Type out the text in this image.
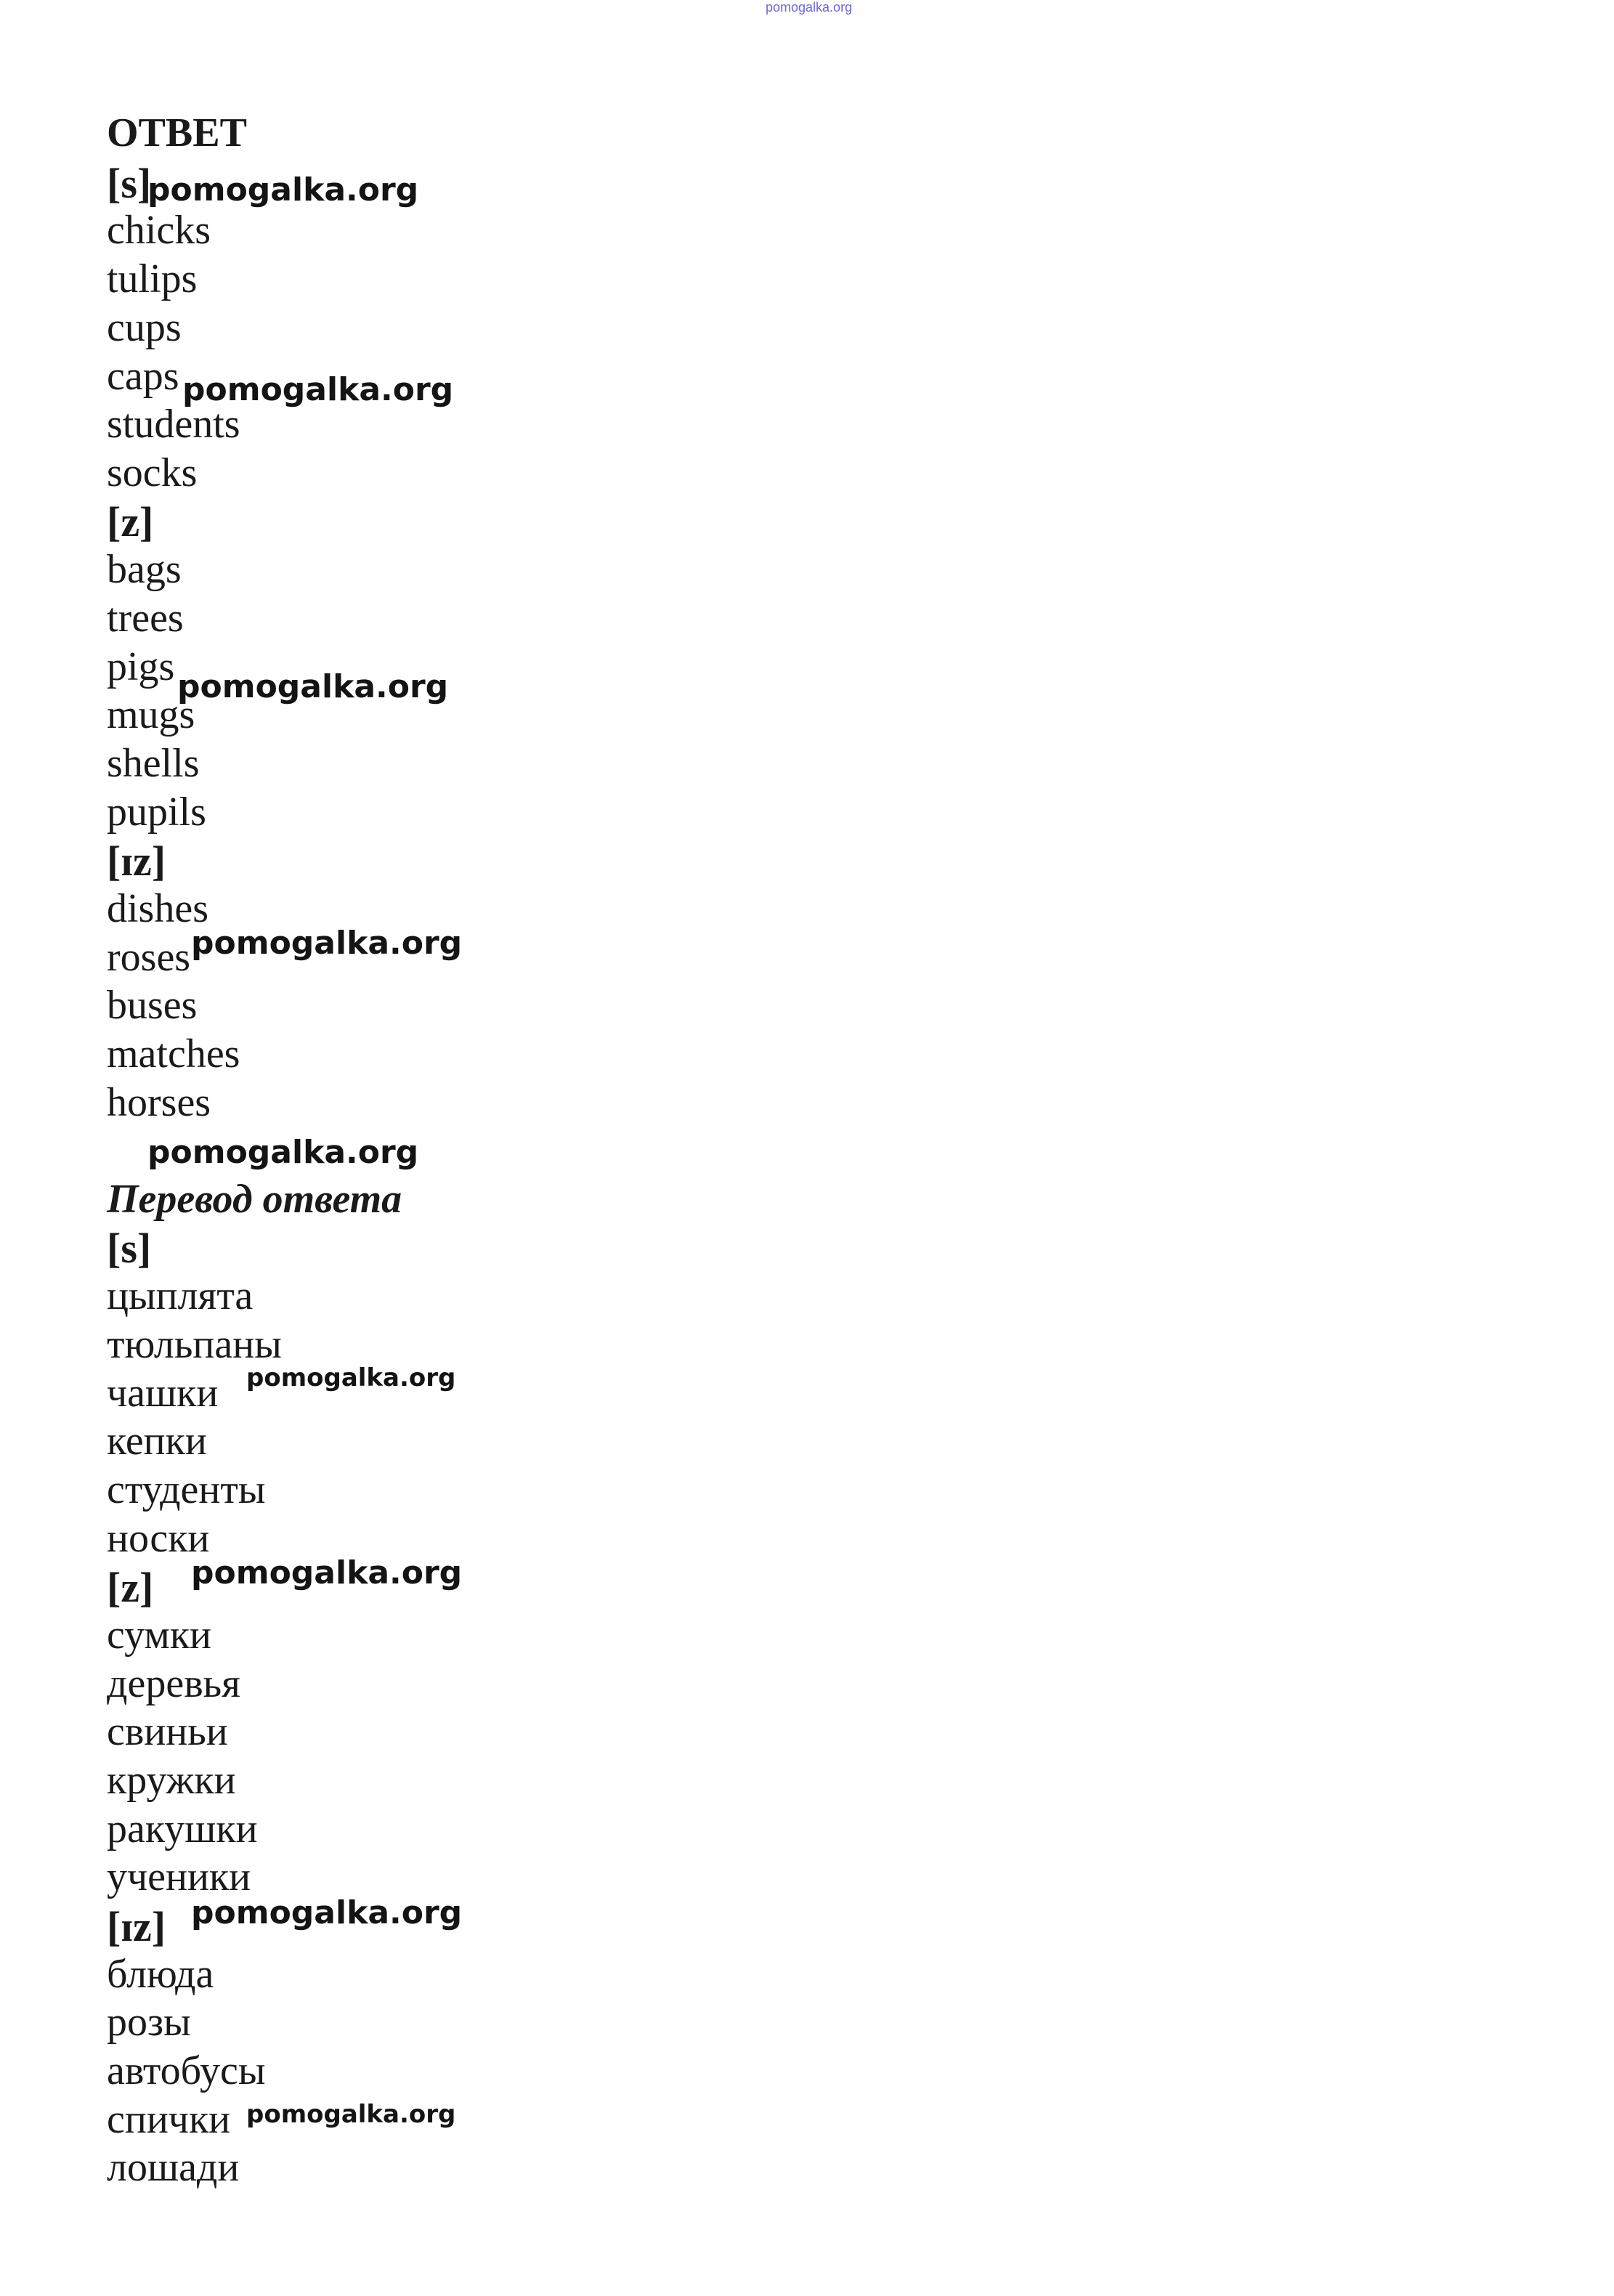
pomogalka.org
ОТВЕТ
[s]
chicks
tulips
cups
caps
students
socks
[z]
bags
trees
pigs
mugs
shells
pupils
[ɪz]
dishes
roses
buses
matches
horses
Перевод ответа
[s]
цыплята
тюльпаны
чашки
кепки
студенты
носки
[z]
сумки
деревья
свиньи
кружки
ракушки
ученики
[ɪz]
блюда
розы
автобусы
спички
лошади
pomogalka.org
pomogalka.org
pomogalka.org
pomogalka.org
pomogalka.org
pomogalka.org
pomogalka.org
pomogalka.org
pomogalka.org
